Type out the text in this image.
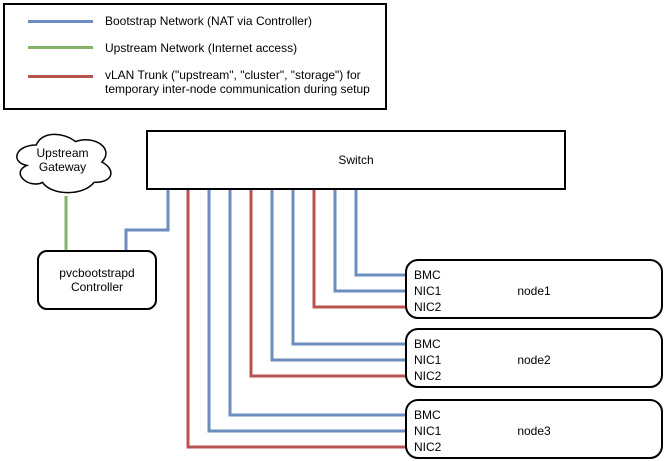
Bootstrap Network (NAT via Controller)
Upstream Network (Internet access)
vLAN Trunk ("upstream", "cluster", "storage") for
temporary inter-node communication during setup
Upstream
Gateway	Switch
pvcbootstrapd
Controller
BMC
NIC1
NIC2
node1
BMC
NIC1
NIC2
node2
BMC
NIC1
NIC2
node3
